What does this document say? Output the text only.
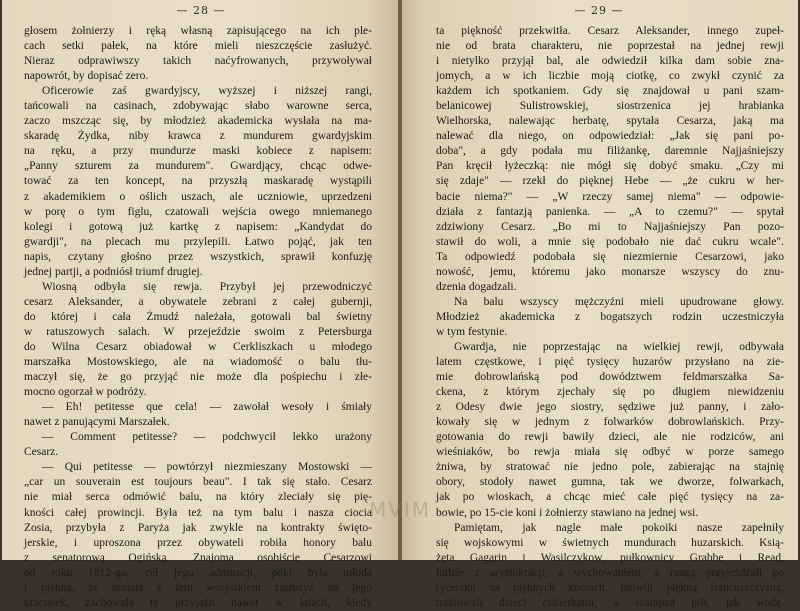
— 28 —
głosem żołnierzy i ręką własną zapisującego na ich ple-
cach setki pałek, na które mieli nieszczęście zasłużyć.
Nieraz odprawiwszy takich naćyfrowanych, przywoływał
napowrót, by dopisać zero.
Oficerowie zaś gwardyjscy, wyższej i niższej rangi,
tańcowali na casinach, zdobywając słabo warowne serca,
zaczo mszcząc się, by młodzież akademicka wysłała na ma-
skaradę Żydka, niby krawca z mundurem gwardyjskim
na ręku, a przy mundurze maski kobiece z napisem:
„Panny szturem za mundurem". Gwardjący, chcąc odwe-
tować za ten koncept, na przyszłą maskaradę wystąpili
z akademikiem o oślich uszach, ale uczniowie, uprzedzeni
w porę o tym figlu, czatowali wejścia owego mniemanego
kolegi i gotową już kartkę z napisem: „Kandydat do
gwardji", na plecach mu przylepili. Łatwo pojąć, jak ten
napis, czytany głośno przez wszystkich, sprawił konfuzję
jednej partji, a podniósł triumf drugiej.
Wiosną odbyła się rewja. Przybył jej przewodniczyć
cesarz Aleksander, a obywatele zebrani z całej gubernji,
do której i cała Żmudź należała, gotowali bal świetny
w ratuszowych salach. W przejeździe swoim z Petersburga
do Wilna Cesarz obiadował w Cerkliszkach u młodego
marszałka Mostowskiego, ale na wiadomość o balu tłu-
maczył się, że go przyjąć nie może dla pośpiechu i złe-
mocno ogorzał w podróży.
— Eh! petitesse que cela! — zawołał wesoły i śmiały
nawet z panującymi Marszałek.
— Comment petitesse? — podchwycił lekko urażony
Cesarz.
— Qui petitesse — powtórzył niezmieszany Mostowski —
„car un souverain est toujours beau". I tak się stało. Cesarz
nie miał serca odmówić balu, na który zleciały się pię-
kności całej prowincji. Była też na tym balu i nasza ciocia
Zosia, przybyła z Paryża jak zwykle na kontrakty święto-
jerskie, i uproszona przez obywateli robiła honory balu
z senatorową Ogińską. Znajoma osobiście Cesarzowi
od roku 1812-go, cel jego admiracji, póki była młoda
i piękna, że umiała z tem wszystkiem zasłużyć na jego
szacunek, zachowała tę przyjaźń nawet w latach, kiedy
— 29 —
ta piękność przekwitła. Cesarz Aleksander, innego zupeł-
nie od brata charakteru, nie poprzestał na jednej rewji
i nietylko przyjął bal, ale odwiedził kilka dam sobie zna-
jomych, a w ich liczbie moją ciotkę, co zwykł czynić za
każdem ich spotkaniem. Gdy się znajdował u pani szam-
belanicowej Sulistrowskiej, siostrzenica jej hrabianka
Wielhorska, nalewając herbatę, spytała Cesarza, jaką ma
nalewać dla niego, on odpowiedział: „Jak się pani po-
doba", a gdy podała mu filiżankę, daremnie Najjaśniejszy
Pan kręcił łyżeczką: nie mógł się dobyć smaku. „Czy mi
się zdaje" — rzekł do pięknej Hebe — „że cukru w her-
bacie niema?" — „W rzeczy samej niema" — odpowie-
działa z fantazją panienka. — „A to czemu?" — spytał
zdziwiony Cesarz. „Bo mi to Najjaśniejszy Pan pozo-
stawił do woli, a mnie się podobało nie dać cukru wcale".
Ta odpowiedź podobała się niezmiernie Cesarzowi, jako
nowość, jemu, któremu jako monarsze wszyscy do znu-
dzenia dogadzali.
Na balu wszyscy mężczyźni mieli upudrowane głowy.
Młodzież akademicka z bogatszych rodzin uczestniczyła
w tym festynie.
Gwardja, nie poprzestając na wielkiej rewji, odbywała
latem częstkowe, i pięć tysięcy huzarów przysłano na zie-
mie dobrowlańską pod dowództwem feldmarszałka Sa-
ckena, z którym zjechały się po długiem niewidzeniu
z Odesy dwie jego siostry, sędziwe już panny, i zało-
kowały się w jednym z folwarków dobrowlańskich. Przy-
gotowania do rewji bawiły dzieci, ale nie rodziców, ani
wieśniaków, bo rewja miała się odbyć w porze samego
żniwa, by stratować nie jedno pole, zabierając na stajnię
obory, stodoły nawet gumna, tak we dworze, folwarkach,
jak po wioskach, a chcąc mieć całe pięć tysięcy na za-
bowie, po 15-cie koni i żołnierzy stawiano na jednej wsi.
Pamiętam, jak nagle małe pokoiki nasze zapełniły
się wojskowymi w świetnych mundurach huzarskich. Ksią-
żęta Gagarin i Wasilczykow, pułkownicy Grabbe i Read,
ludzie z arystokracji, z wychowaniem, z rangą przyjeżdżali po
rycersku na pięknych koniach, mówili piękną francuszczyzną,
traktowali dzieci cukierkami, a szampan pili, jak wodę.
MVIM
